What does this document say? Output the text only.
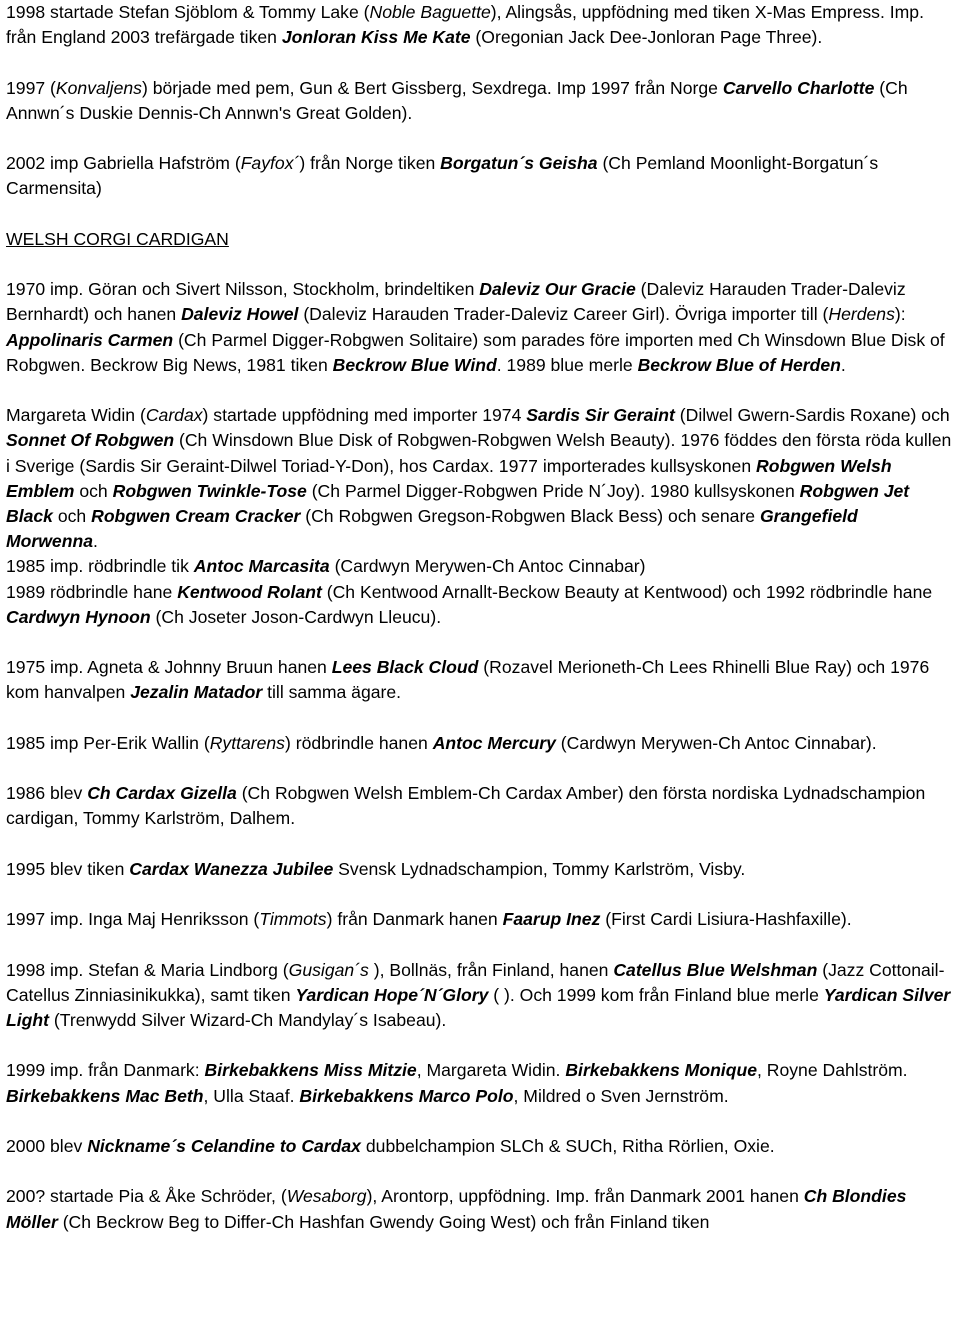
1998 startade Stefan Sjöblom & Tommy Lake (Noble Baguette), Alingsås, uppfödning med tiken X-Mas Empress. Imp. från England 2003 trefärgade tiken Jonloran Kiss Me Kate (Oregonian Jack Dee-Jonloran Page Three).

1997 (Konvaljens) började med pem, Gun & Bert Gissberg, Sexdrega. Imp 1997 från Norge Carvello Charlotte (Ch Annwn´s Duskie Dennis-Ch Annwn's Great Golden).

2002 imp Gabriella Hafström (Fayfox´) från Norge tiken Borgatun´s Geisha (Ch Pemland Moonlight-Borgatun´s Carmensita)

WELSH CORGI CARDIGAN

1970 imp. Göran och Sivert Nilsson, Stockholm, brindeltiken Daleviz Our Gracie (Daleviz Harauden Trader-Daleviz Bernhardt) och hanen Daleviz Howel (Daleviz Harauden Trader-Daleviz Career Girl). Övriga importer till (Herdens): Appolinaris Carmen (Ch Parmel Digger-Robgwen Solitaire) som parades före importen med Ch Winsdown Blue Disk of Robgwen. Beckrow Big News, 1981 tiken Beckrow Blue Wind. 1989 blue merle Beckrow Blue of Herden.

Margareta Widin (Cardax) startade uppfödning med importer 1974 Sardis Sir Geraint (Dilwel Gwern-Sardis Roxane) och Sonnet Of Robgwen (Ch Winsdown Blue Disk of Robgwen-Robgwen Welsh Beauty). 1976 föddes den första röda kullen i Sverige (Sardis Sir Geraint-Dilwel Toriad-Y-Don), hos Cardax. 1977 importerades kullsyskonen Robgwen Welsh Emblem och Robgwen Twinkle-Tose (Ch Parmel Digger-Robgwen Pride N´Joy). 1980 kullsyskonen Robgwen Jet Black och Robgwen Cream Cracker (Ch Robgwen Gregson-Robgwen Black Bess) och senare Grangefield Morwenna.
1985 imp. rödbrindle tik Antoc Marcasita (Cardwyn Merywen-Ch Antoc Cinnabar)
1989 rödbrindle hane Kentwood Rolant (Ch Kentwood Arnallt-Beckow Beauty at Kentwood) och 1992 rödbrindle hane Cardwyn Hynoon (Ch Joseter Joson-Cardwyn Lleucu).

1975 imp. Agneta & Johnny Bruun hanen Lees Black Cloud (Rozavel Merioneth-Ch Lees Rhinelli Blue Ray) och 1976 kom hanvalpen Jezalin Matador till samma ägare.

1985 imp Per-Erik Wallin (Ryttarens) rödbrindle hanen Antoc Mercury (Cardwyn Merywen-Ch Antoc Cinnabar).

1986 blev Ch Cardax Gizella (Ch Robgwen Welsh Emblem-Ch Cardax Amber) den första nordiska Lydnadschampion cardigan, Tommy Karlström, Dalhem.

1995 blev tiken Cardax Wanezza Jubilee Svensk Lydnadschampion, Tommy Karlström, Visby.

1997 imp. Inga Maj Henriksson (Timmots) från Danmark hanen Faarup Inez (First Cardi Lisiura-Hashfaxille).

1998 imp. Stefan & Maria Lindborg (Gusigan´s ), Bollnäs, från Finland, hanen Catellus Blue Welshman (Jazz Cottonail-Catellus Zinniasinikukka), samt tiken Yardican Hope´N´Glory ( ). Och 1999 kom från Finland blue merle Yardican Silver Light (Trenwydd Silver Wizard-Ch Mandylay´s Isabeau).

1999 imp. från Danmark: Birkebakkens Miss Mitzie, Margareta Widin. Birkebakkens Monique, Royne Dahlström. Birkebakkens Mac Beth, Ulla Staaf. Birkebakkens Marco Polo, Mildred o Sven Jernström.

2000 blev Nickname´s Celandine to Cardax dubbelchampion SLCh & SUCh, Ritha Rörlien, Oxie.

200? startade Pia & Åke Schröder, (Wesaborg), Arontorp, uppfödning. Imp. från Danmark 2001 hanen Ch Blondies Möller (Ch Beckrow Beg to Differ-Ch Hashfan Gwendy Going West) och från Finland tiken
